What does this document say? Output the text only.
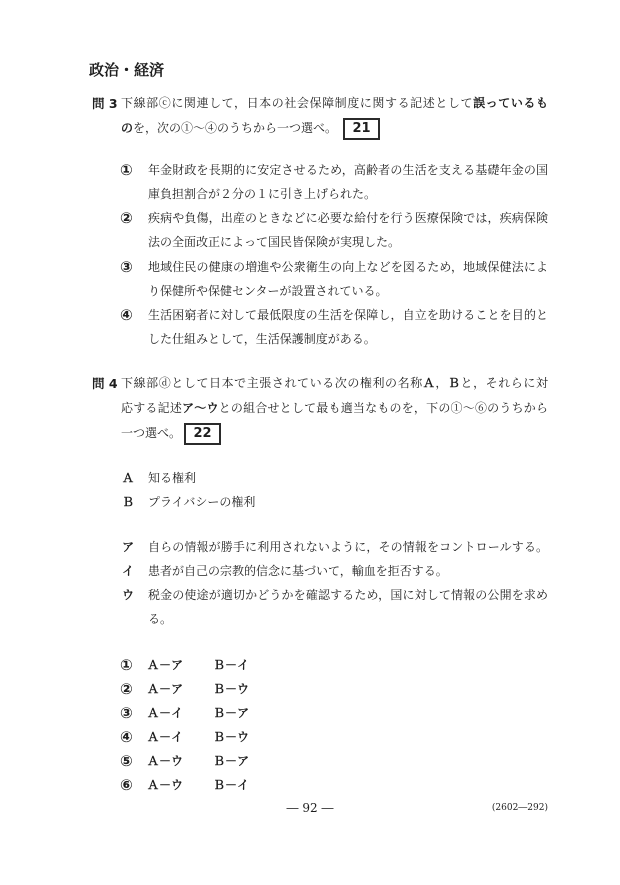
政治・経済
問 3 下線部ⓒに関連して，日本の社会保障制度に関する記述として誤っているも
のを，次の①～④のうちから一つ選べ。 21
① 年金財政を長期的に安定させるため，高齢者の生活を支える基礎年金の国
庫負担割合が２分の１に引き上げられた。
② 疾病や負傷，出産のときなどに必要な給付を行う医療保険では，疾病保険
法の全面改正によって国民皆保険が実現した。
③ 地域住民の健康の増進や公衆衛生の向上などを図るため，地域保健法によ
り保健所や保健センターが設置されている。
④ 生活困窮者に対して最低限度の生活を保障し，自立を助けることを目的と
した仕組みとして，生活保護制度がある。
問 4 下線部ⓓとして日本で主張されている次の権利の名称Ａ，Ｂと，それらに対
応する記述ア～ウとの組合せとして最も適当なものを，下の①～⑥のうちから
一つ選べ。 22
Ａ 知る権利
Ｂ プライバシーの権利
ア 自らの情報が勝手に利用されないように，その情報をコントロールする。
イ 患者が自己の宗教的信念に基づいて，輸血を拒否する。
ウ 税金の使途が適切かどうかを確認するため，国に対して情報の公開を求め
る。
① Ａ－ア Ｂ－イ
② Ａ－ア Ｂ－ウ
③ Ａ－イ Ｂ－ア
④ Ａ－イ Ｂ－ウ
⑤ Ａ－ウ Ｂ－ア
⑥ Ａ－ウ Ｂ－イ
― 92 ―	(2602―292)
